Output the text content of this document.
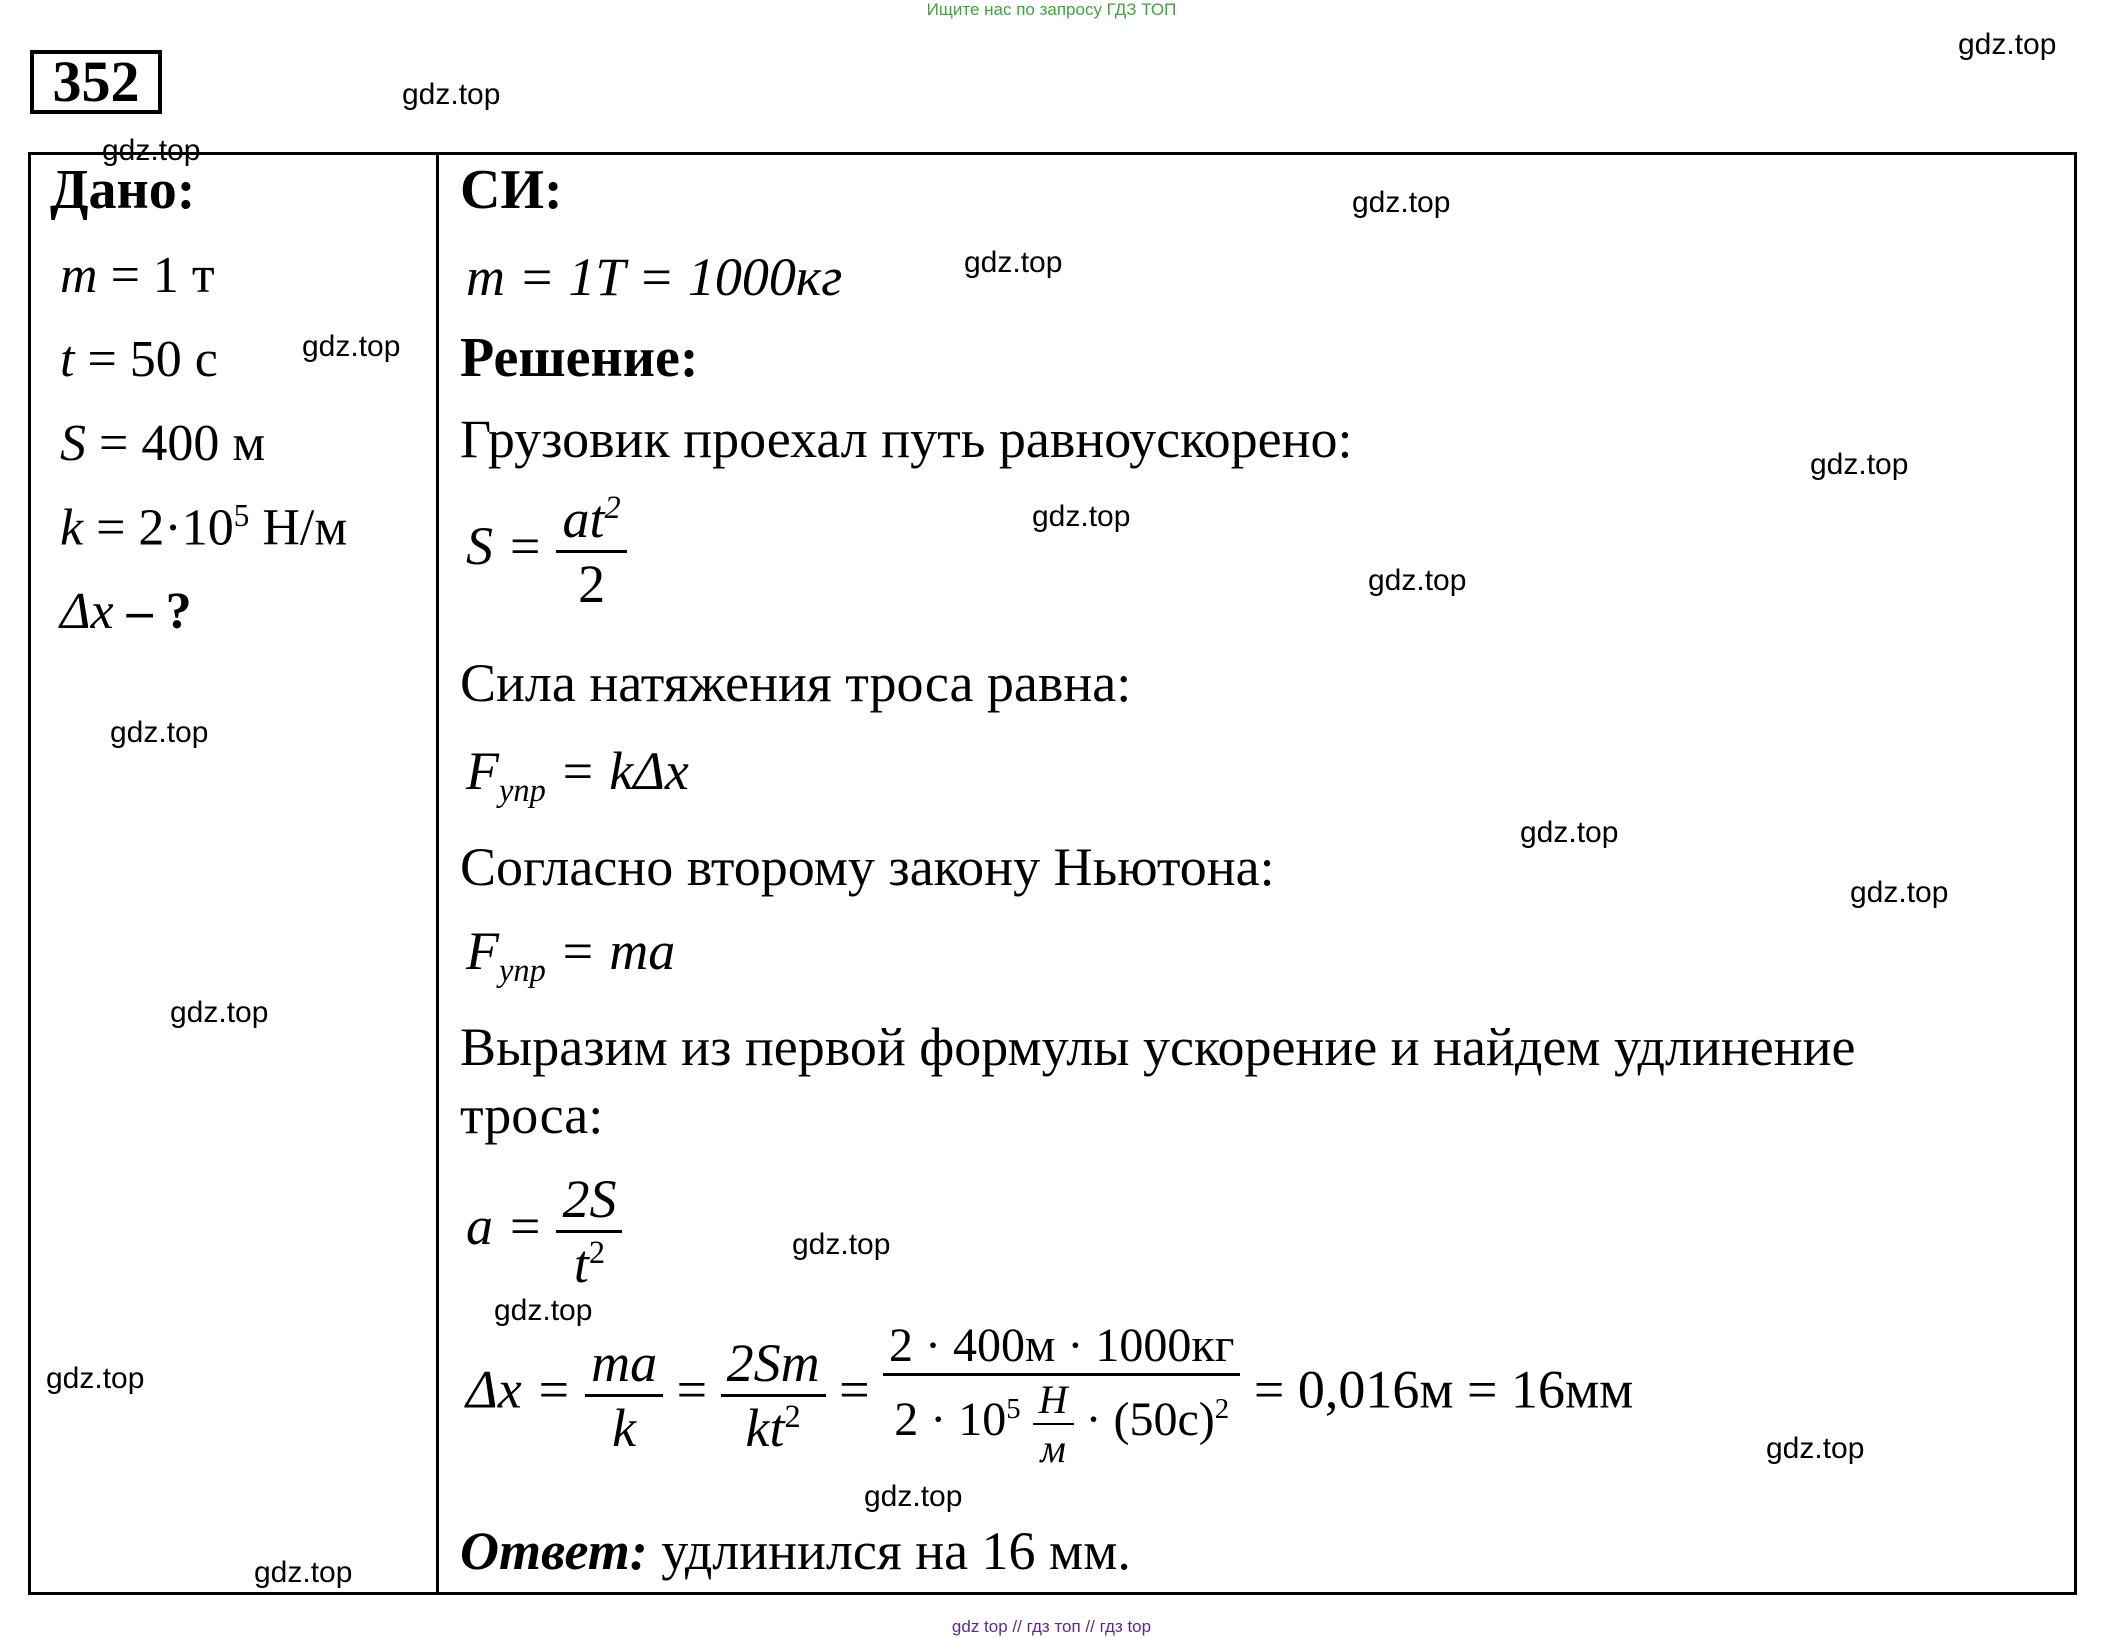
Ищите нас по запросу ГДЗ ТОП
352
Дано:
m = 1 т
t = 50 с
S = 400 м
$k = 2\cdot 10^5$ Н/м
Δx – ?
СИ:
m = 1T = 1000кг
Решение:
Грузовик проехал путь равноускорено:
$S = \frac{at^2}{2}$
Сила натяжения троса равна:
$F_{упр} = k\Delta x$
Согласно второму закону Ньютона:
$F_{упр}$ = ma
Выразим из первой формулы ускорение и найдем удлинение
троса:
$a = \frac{2S}{t^2}$
$\Delta x = \frac{ma}{k} = \frac{2Sm}{kt^2} = \frac{2 \cdot 400м \cdot 1000кг}{2 \cdot 10^5 \frac{Н}{м} \cdot (50с)^2} = 0,016м = 16мм$
Ответ: удлинился на 16 мм.
gdz.top
gdz.top
gdz.top
gdz.top
gdz.top
gdz.top
gdz.top
gdz.top
gdz.top
gdz.top
gdz.top
gdz.top
gdz.top
gdz.top
gdz.top
gdz.top
gdz.top
gdz.top
gdz.top
gdz top // гдз топ // гдз top
